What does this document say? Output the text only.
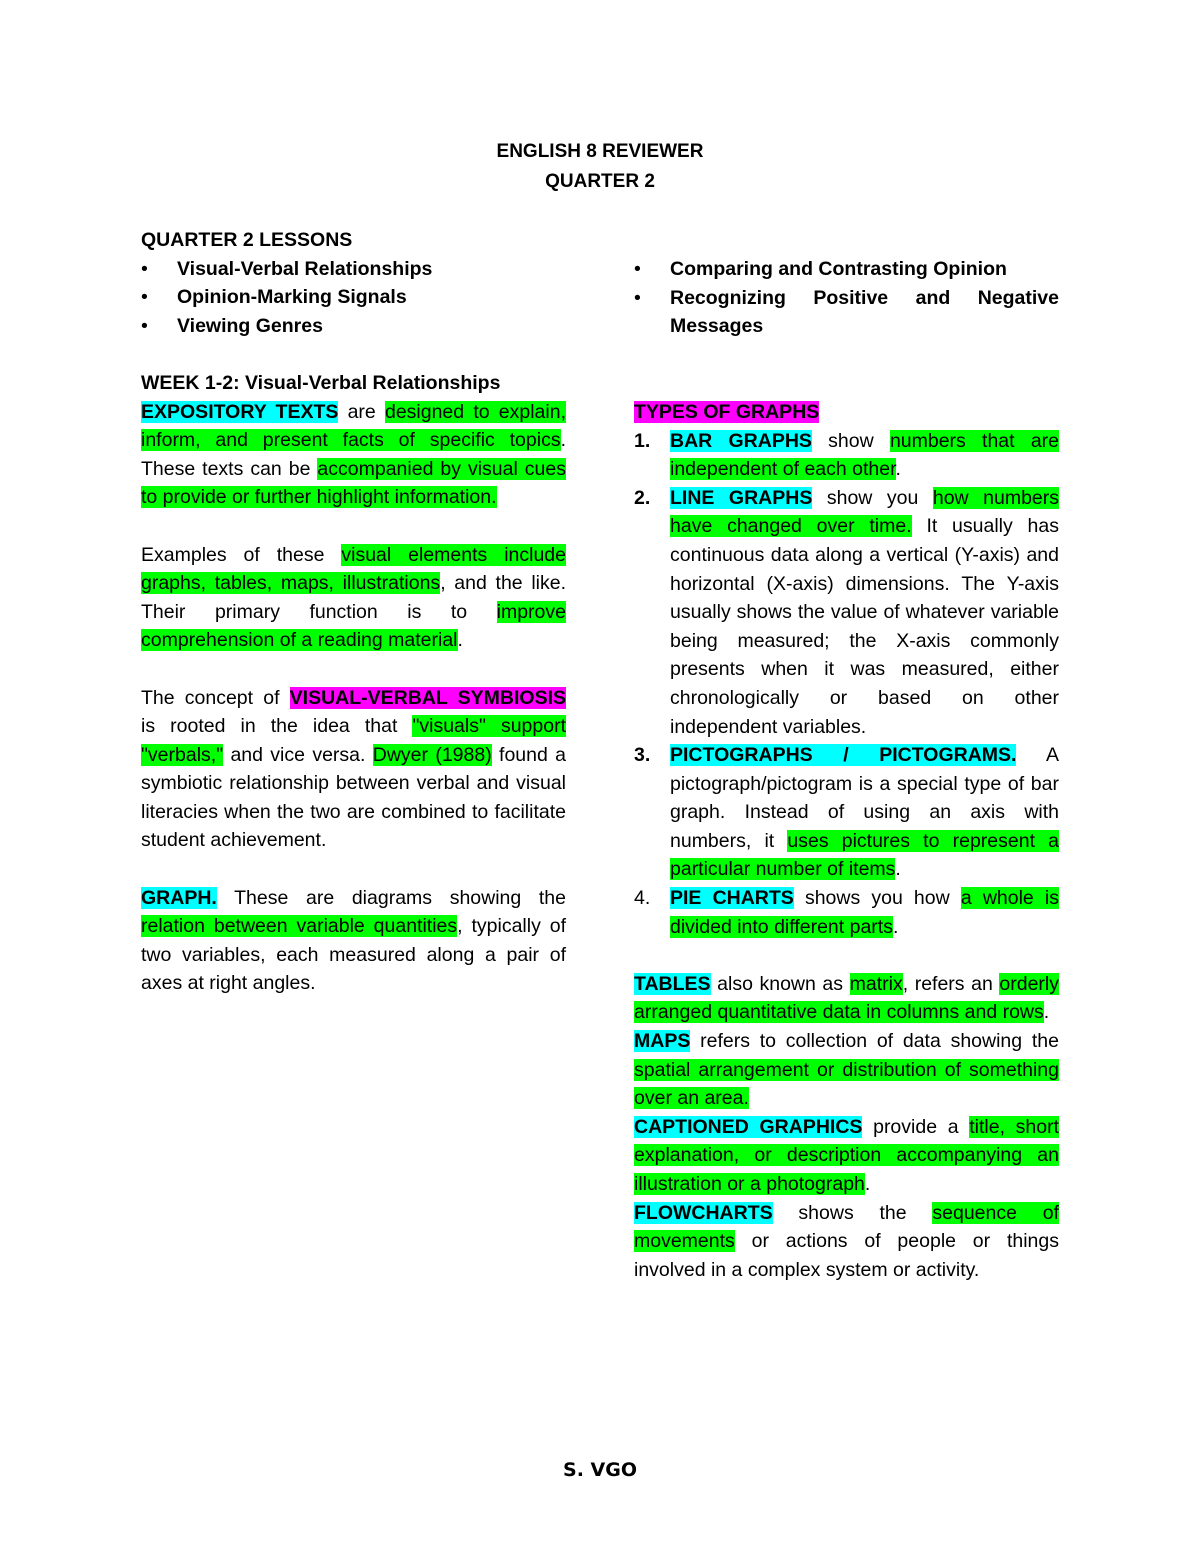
ENGLISH 8 REVIEWER
QUARTER 2
QUARTER 2 LESSONS
• Visual-Verbal Relationships
• Opinion-Marking Signals
• Viewing Genres
WEEK 1-2: Visual-Verbal Relationships

EXPOSITORY TEXTS are designed to explain, inform, and present facts of specific topics. These texts can be accompanied by visual cues to provide or further highlight information.

Examples of these visual elements include graphs, tables, maps, illustrations, and the like. Their primary function is to improve comprehension of a reading material.

The concept of VISUAL-VERBAL SYMBIOSIS is rooted in the idea that "visuals" support "verbals," and vice versa. Dwyer (1988) found a symbiotic relationship between verbal and visual literacies when the two are combined to facilitate student achievement.

GRAPH. These are diagrams showing the relation between variable quantities, typically of two variables, each measured along a pair of axes at right angles.

• Comparing and Contrasting Opinion
• Recognizing Positive and Negative Messages
TYPES OF GRAPHS
1. BAR GRAPHS show numbers that are independent of each other.
2. LINE GRAPHS show you how numbers have changed over time. It usually has continuous data along a vertical (Y-axis) and horizontal (X-axis) dimensions. The Y-axis usually shows the value of whatever variable being measured; the X-axis commonly presents when it was measured, either chronologically or based on other independent variables.
3. PICTOGRAPHS / PICTOGRAMS. A pictograph/pictogram is a special type of bar graph. Instead of using an axis with numbers, it uses pictures to represent a particular number of items.
4. PIE CHARTS shows you how a whole is divided into different parts.

TABLES also known as matrix, refers an orderly arranged quantitative data in columns and rows.

MAPS refers to collection of data showing the spatial arrangement or distribution of something over an area.

CAPTIONED GRAPHICS provide a title, short explanation, or description accompanying an illustration or a photograph.

FLOWCHARTS shows the sequence of movements or actions of people or things involved in a complex system or activity.

S. VGO
